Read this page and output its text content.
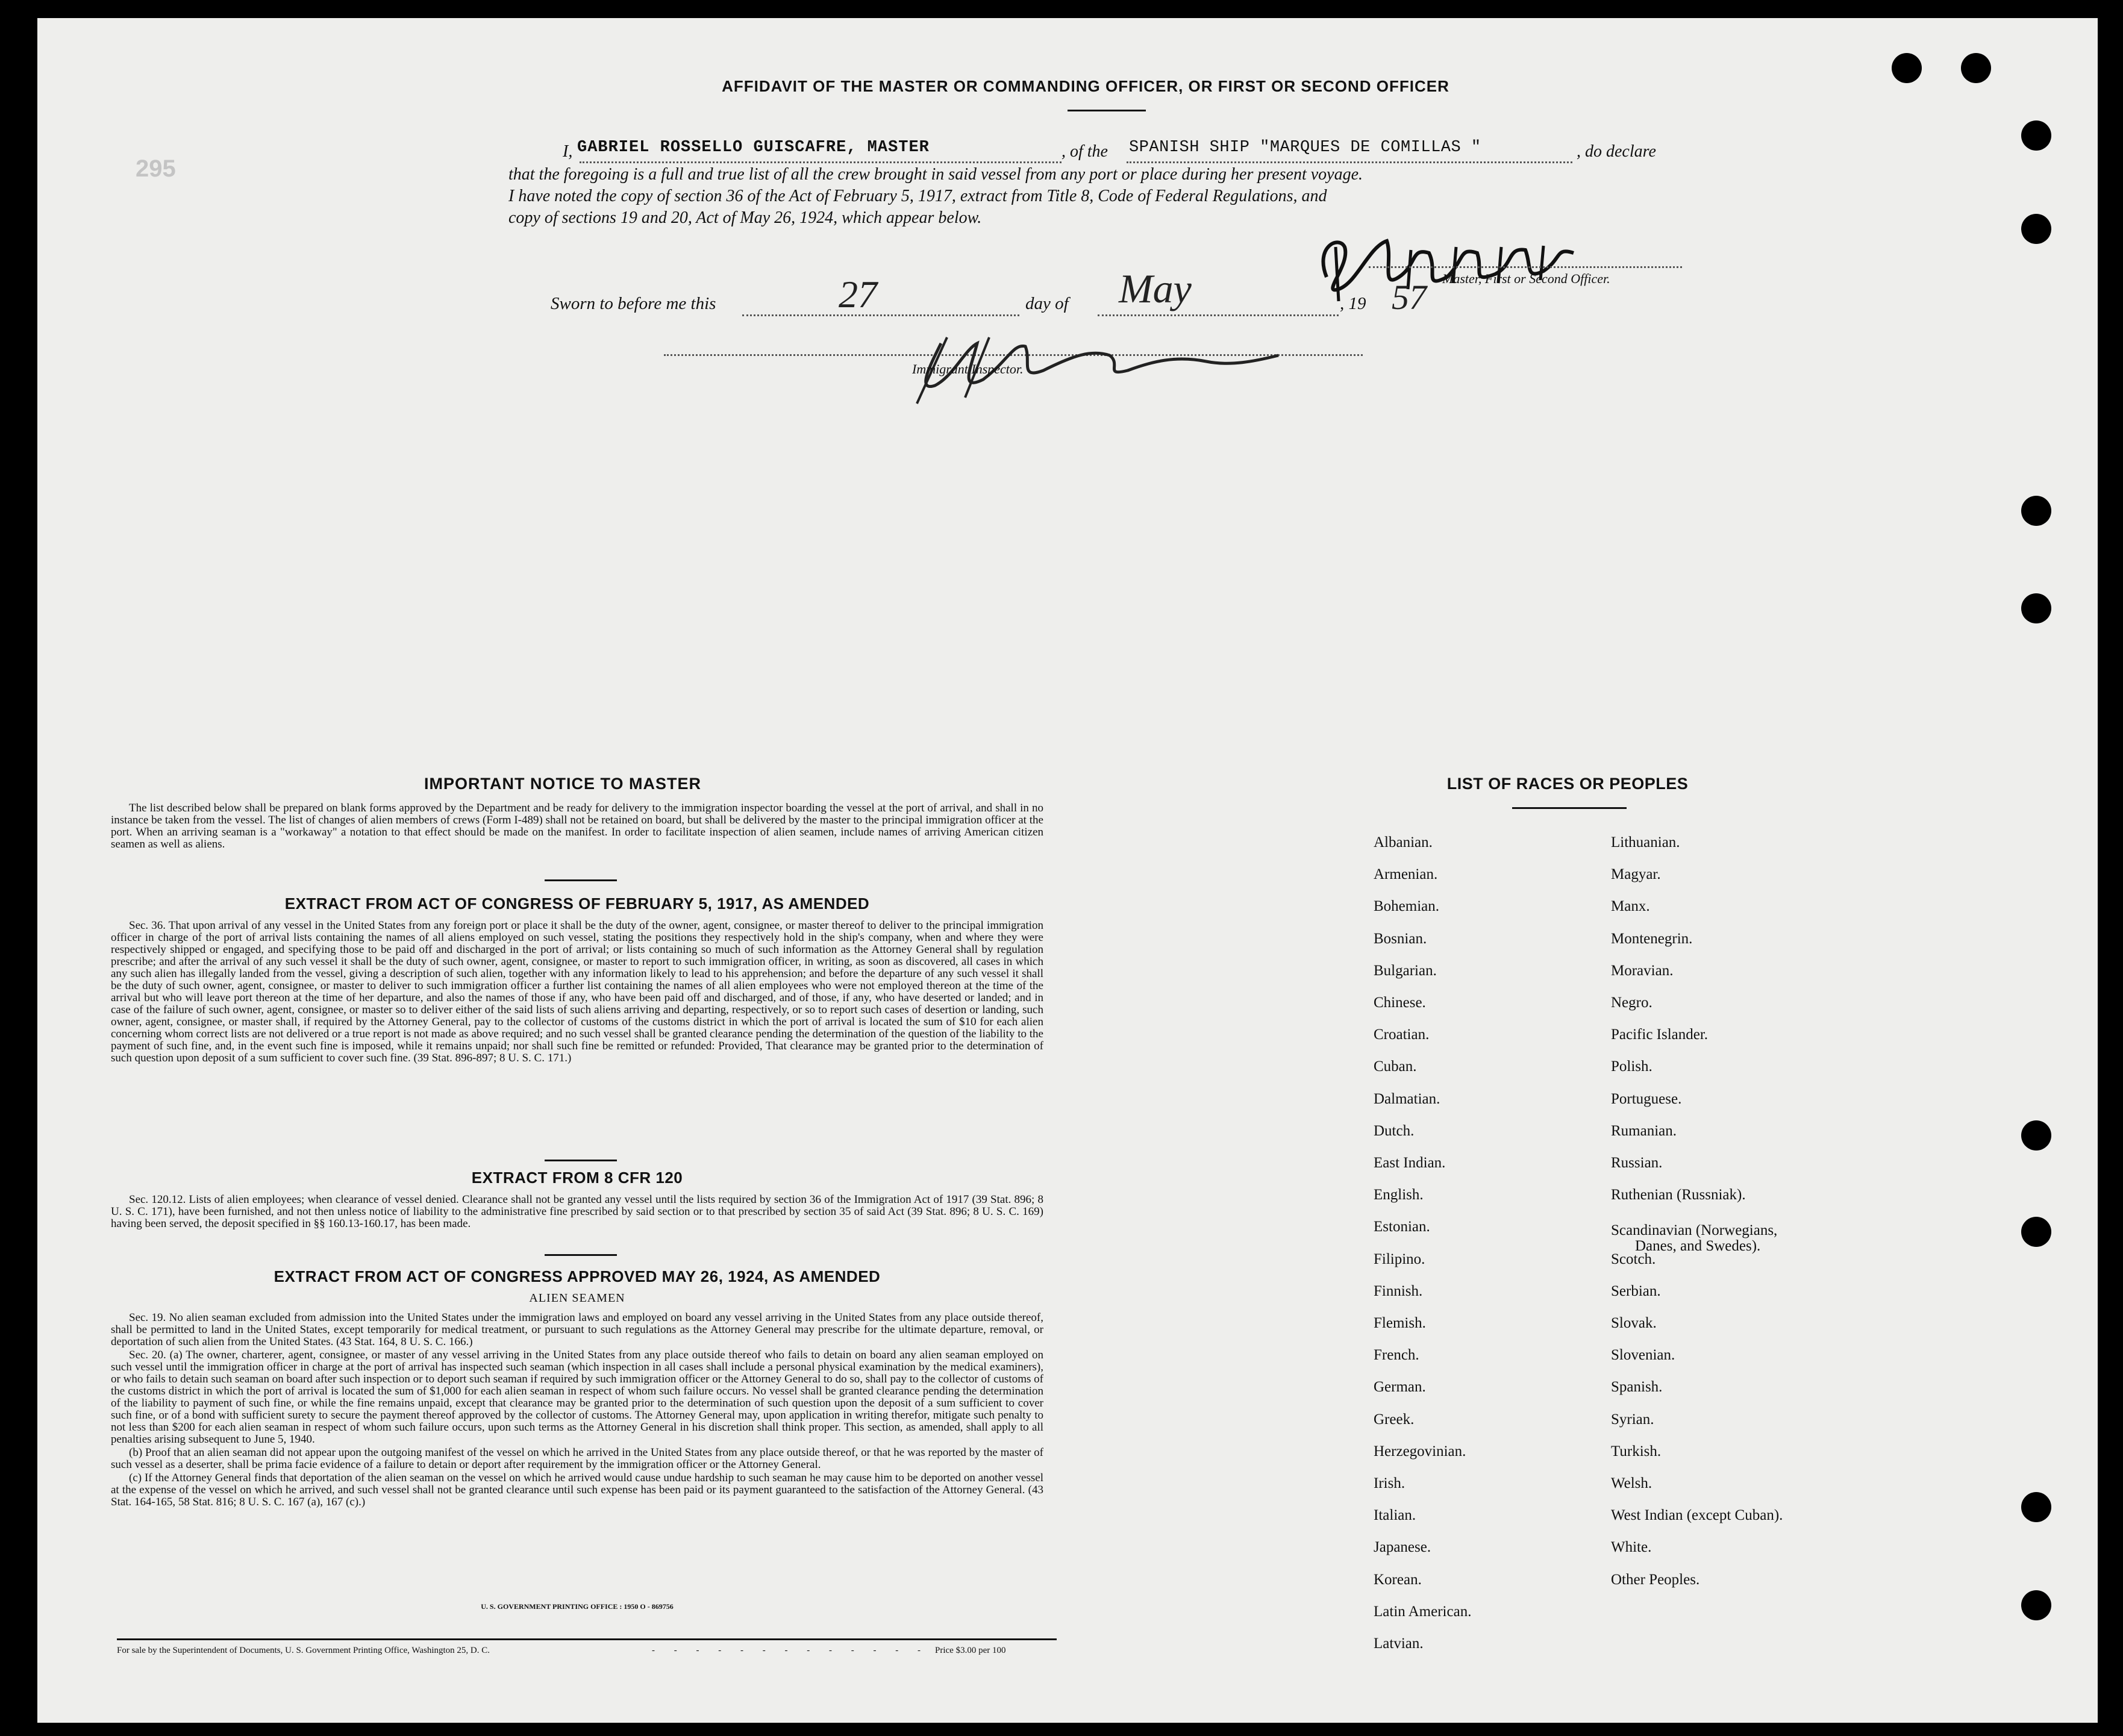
295
AFFIDAVIT OF THE MASTER OR COMMANDING OFFICER, OR FIRST OR SECOND OFFICER
I, GABRIEL ROSSELLO GUISCAFRE, MASTER	, of the SPANISH SHIP "MARQUES DE COMILLAS "	, do declare
that the foregoing is a full and true list of all the crew brought in said vessel from any port or place during her present voyage.
I have noted the copy of section 36 of the Act of February 5, 1917, extract from Title 8, Code of Federal Regulations, and
copy of sections 19 and 20, Act of May 26, 1924, which appear below.
Master, First or Second Officer.
Sworn to before me this	27	day of May	, 19 57
Immigrant Inspector.
IMPORTANT NOTICE TO MASTER

The list described below shall be prepared on blank forms approved by the Department and be ready for delivery to the immigration inspector boarding the vessel at the port of arrival, and shall in no instance be taken from the vessel. The list of changes of alien members of crews (Form I-489) shall not be retained on board, but shall be delivered by the master to the principal immigration officer at the port. When an arriving seaman is a "workaway" a notation to that effect should be made on the manifest. In order to facilitate inspection of alien seamen, include names of arriving American citizen seamen as well as aliens.

EXTRACT FROM ACT OF CONGRESS OF FEBRUARY 5, 1917, AS AMENDED

Sec. 36. That upon arrival of any vessel in the United States from any foreign port or place it shall be the duty of the owner, agent, consignee, or master thereof to deliver to the principal immigration officer in charge of the port of arrival lists containing the names of all aliens employed on such vessel, stating the positions they respectively hold in the ship's company, when and where they were respectively shipped or engaged, and specifying those to be paid off and discharged in the port of arrival; or lists containing so much of such information as the Attorney General shall by regulation prescribe; and after the arrival of any such vessel it shall be the duty of such owner, agent, consignee, or master to report to such immigration officer, in writing, as soon as discovered, all cases in which any such alien has illegally landed from the vessel, giving a description of such alien, together with any information likely to lead to his apprehension; and before the departure of any such vessel it shall be the duty of such owner, agent, consignee, or master to deliver to such immigration officer a further list containing the names of all alien employees who were not employed thereon at the time of the arrival but who will leave port thereon at the time of her departure, and also the names of those if any, who have been paid off and discharged, and of those, if any, who have deserted or landed; and in case of the failure of such owner, agent, consignee, or master so to deliver either of the said lists of such aliens arriving and departing, respectively, or so to report such cases of desertion or landing, such owner, agent, consignee, or master shall, if required by the Attorney General, pay to the collector of customs of the customs district in which the port of arrival is located the sum of $10 for each alien concerning whom correct lists are not delivered or a true report is not made as above required; and no such vessel shall be granted clearance pending the determination of the question of the liability to the payment of such fine, and, in the event such fine is imposed, while it remains unpaid; nor shall such fine be remitted or refunded: Provided, That clearance may be granted prior to the determination of such question upon deposit of a sum sufficient to cover such fine. (39 Stat. 896-897; 8 U. S. C. 171.)

EXTRACT FROM 8 CFR 120

Sec. 120.12. Lists of alien employees; when clearance of vessel denied. Clearance shall not be granted any vessel until the lists required by section 36 of the Immigration Act of 1917 (39 Stat. 896; 8 U. S. C. 171), have been furnished, and not then unless notice of liability to the administrative fine prescribed by said section or to that prescribed by section 35 of said Act (39 Stat. 896; 8 U. S. C. 169) having been served, the deposit specified in §§ 160.13-160.17, has been made.

EXTRACT FROM ACT OF CONGRESS APPROVED MAY 26, 1924, AS AMENDED
ALIEN SEAMEN

Sec. 19. No alien seaman excluded from admission into the United States under the immigration laws and employed on board any vessel arriving in the United States from any place outside thereof, shall be permitted to land in the United States, except temporarily for medical treatment, or pursuant to such regulations as the Attorney General may prescribe for the ultimate departure, removal, or deportation of such alien from the United States. (43 Stat. 164, 8 U. S. C. 166.)

Sec. 20. (a) The owner, charterer, agent, consignee, or master of any vessel arriving in the United States from any place outside thereof who fails to detain on board any alien seaman employed on such vessel until the immigration officer in charge at the port of arrival has inspected such seaman (which inspection in all cases shall include a personal physical examination by the medical examiners), or who fails to detain such seaman on board after such inspection or to deport such seaman if required by such immigration officer or the Attorney General to do so, shall pay to the collector of customs of the customs district in which the port of arrival is located the sum of $1,000 for each alien seaman in respect of whom such failure occurs. No vessel shall be granted clearance pending the determination of the liability to payment of such fine, or while the fine remains unpaid, except that clearance may be granted prior to the determination of such question upon the deposit of a sum sufficient to cover such fine, or of a bond with sufficient surety to secure the payment thereof approved by the collector of customs. The Attorney General may, upon application in writing therefor, mitigate such penalty to not less than $200 for each alien seaman in respect of whom such failure occurs, upon such terms as the Attorney General in his discretion shall think proper. This section, as amended, shall apply to all penalties arising subsequent to June 5, 1940.

(b) Proof that an alien seaman did not appear upon the outgoing manifest of the vessel on which he arrived in the United States from any place outside thereof, or that he was reported by the master of such vessel as a deserter, shall be prima facie evidence of a failure to detain or deport after requirement by the immigration officer or the Attorney General.

(c) If the Attorney General finds that deportation of the alien seaman on the vessel on which he arrived would cause undue hardship to such seaman he may cause him to be deported on another vessel at the expense of the vessel on which he arrived, and such vessel shall not be granted clearance until such expense has been paid or its payment guaranteed to the satisfaction of the Attorney General. (43 Stat. 164-165, 58 Stat. 816; 8 U. S. C. 167 (a), 167 (c).)

U. S. GOVERNMENT PRINTING OFFICE : 1950 O - 869756
For sale by the Superintendent of Documents, U. S. Government Printing Office, Washington 25, D. C.	- - - - - - - - - - - - - Price $3.00 per 100
LIST OF RACES OR PEOPLES
Albanian.
Armenian.
Bohemian.
Bosnian.
Bulgarian.
Chinese.
Croatian.
Cuban.
Dalmatian.
Dutch.
East Indian.
English.
Estonian.
Filipino.
Finnish.
Flemish.
French.
German.
Greek.
Herzegovinian.
Irish.
Italian.
Japanese.
Korean.
Latin American.
Latvian.
Lithuanian.
Magyar.
Manx.
Montenegrin.
Moravian.
Negro.
Pacific Islander.
Polish.
Portuguese.
Rumanian.
Russian.
Ruthenian (Russniak).
Scandinavian (Norwegians,
Danes, and Swedes).
Scotch.
Serbian.
Slovak.
Slovenian.
Spanish.
Syrian.
Turkish.
Welsh.
West Indian (except Cuban).
White.
Other Peoples.
